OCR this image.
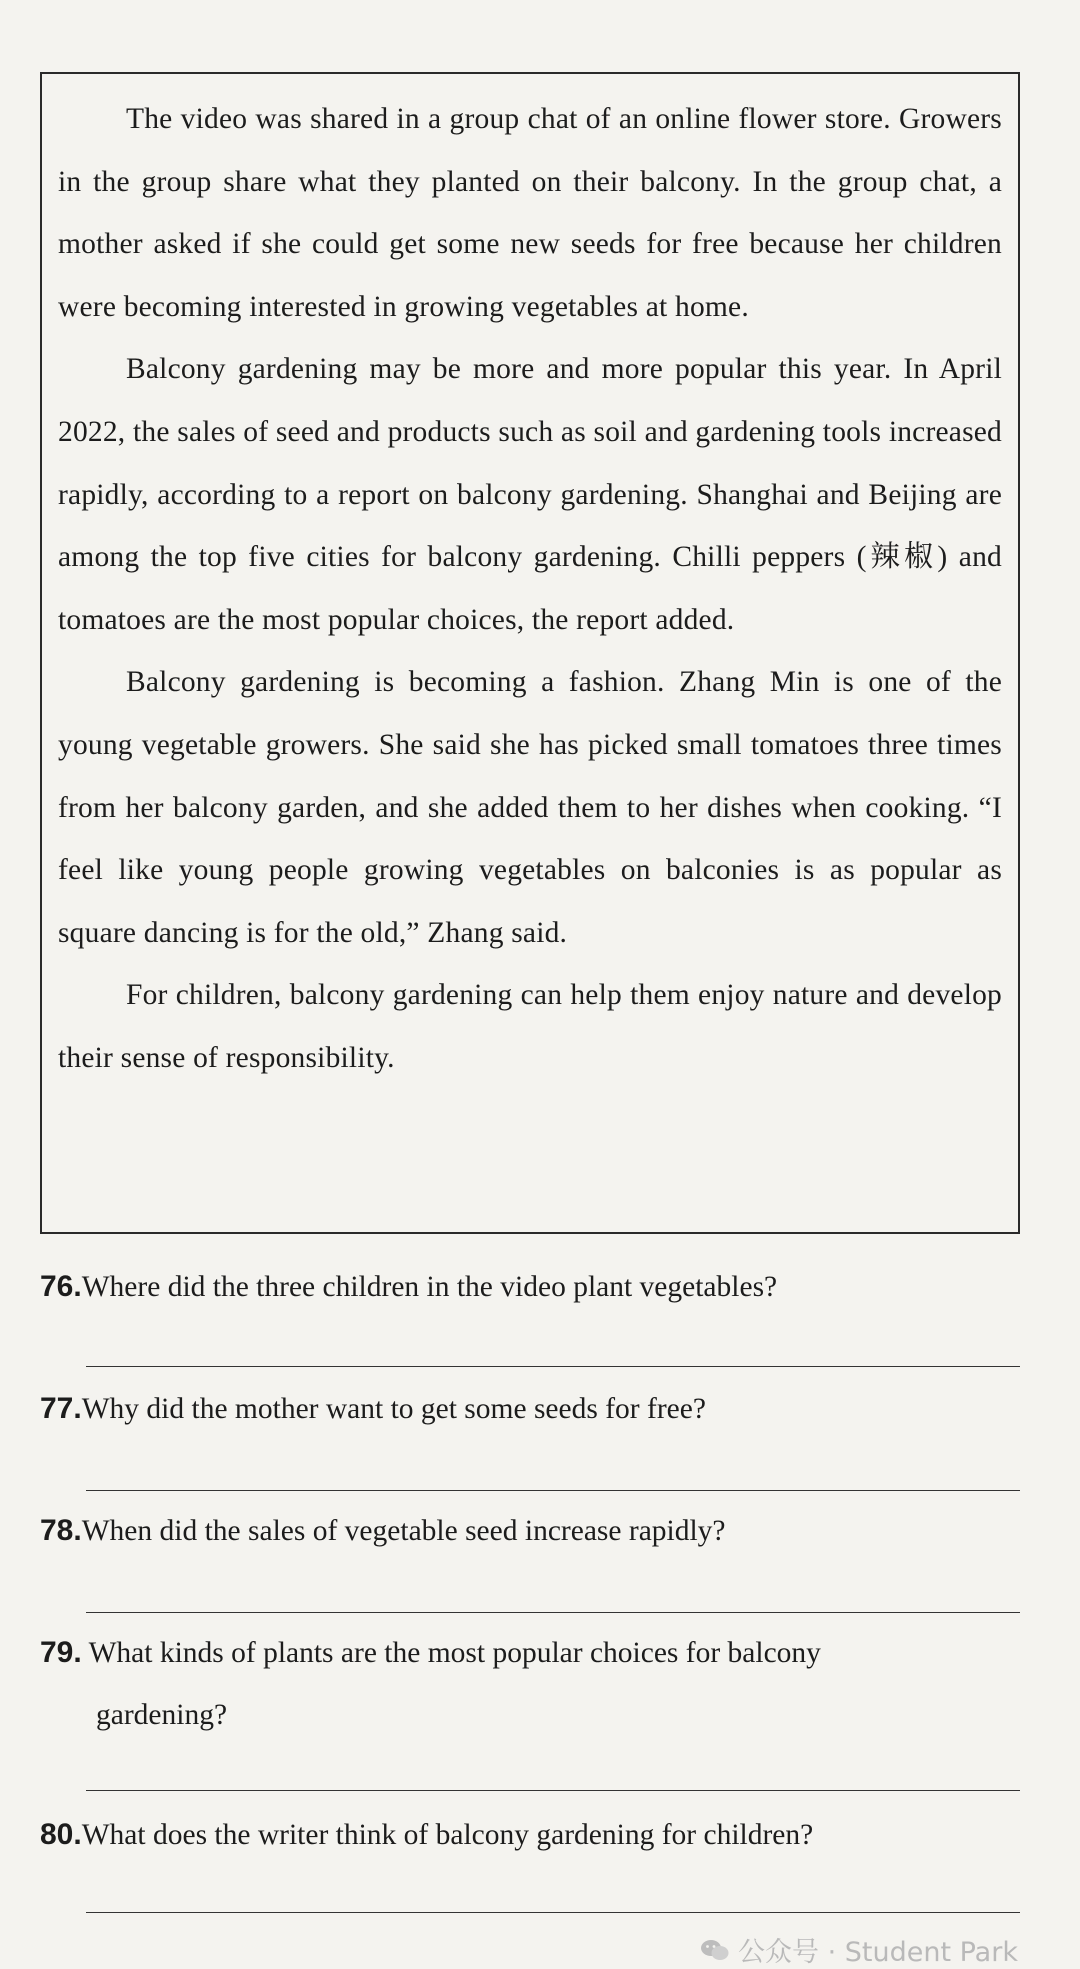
The video was shared in a group chat of an online flower store. Growers in the group share what they planted on their balcony. In the group chat, a mother asked if she could get some new seeds for free because her children were becoming interested in growing vegetables at home.

Balcony gardening may be more and more popular this year. In April 2022, the sales of seed and products such as soil and gardening tools increased rapidly, according to a report on balcony gardening. Shanghai and Beijing are among the top five cities for balcony gardening. Chilli peppers (辣椒) and tomatoes are the most popular choices, the report added.

Balcony gardening is becoming a fashion. Zhang Min is one of the young vegetable growers. She said she has picked small tomatoes three times from her balcony garden, and she added them to her dishes when cooking. “I feel like young people growing vegetables on balconies is as popular as square dancing is for the old,” Zhang said.

For children, balcony gardening can help them enjoy nature and develop their sense of responsibility.

76.Where did the three children in the video plant vegetables?
77.Why did the mother want to get some seeds for free?
78.When did the sales of vegetable seed increase rapidly?
79. What kinds of plants are the most popular choices for balcony
gardening?
80.What does the writer think of balcony gardening for children?
公众号 · Student Park
